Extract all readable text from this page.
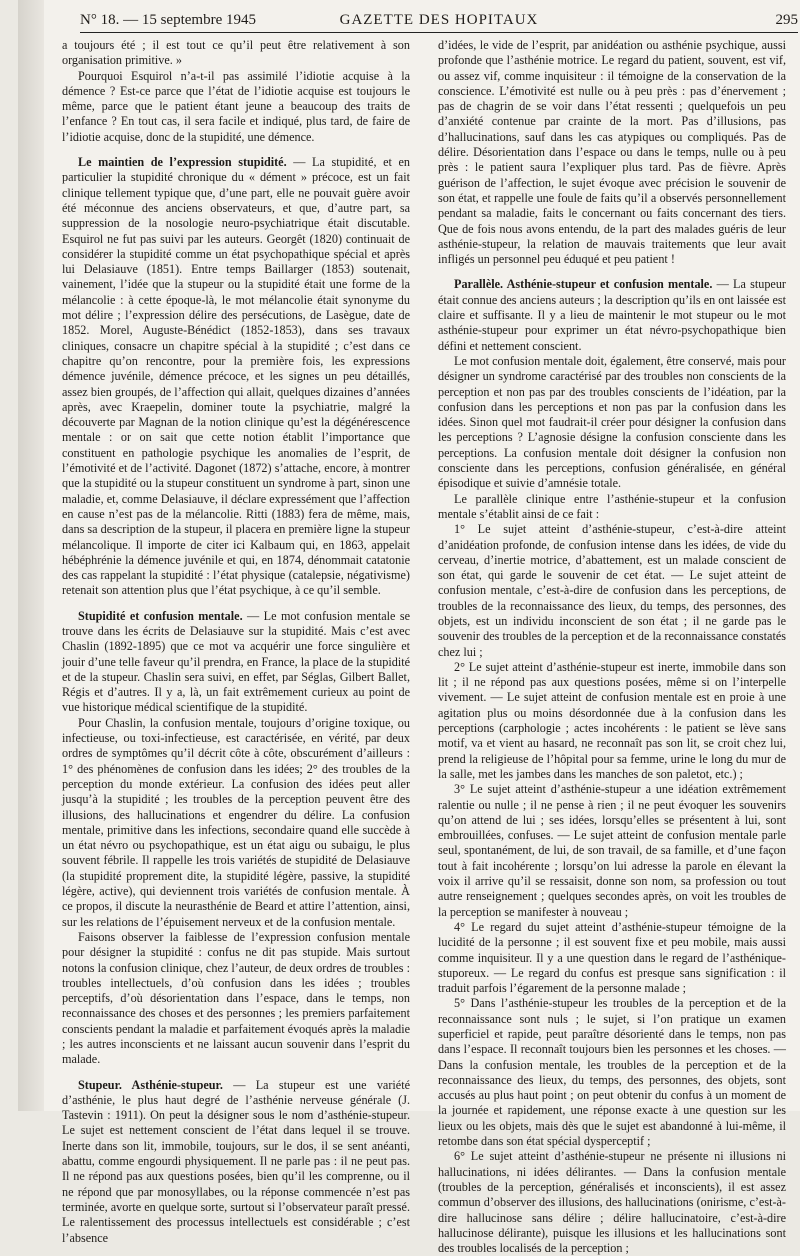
GAZETTE DES HOPITAUX
N° 18. — 15 septembre 1945	295

a toujours été ; il est tout ce qu’il peut être relativement à son organisation primitive. »

Pourquoi Esquirol n’a-t-il pas assimilé l’idiotie acquise à la démence ? Est-ce parce que l’état de l’idiotie acquise est toujours le même, parce que le patient étant jeune a beaucoup des traits de l’enfance ? En tout cas, il sera facile et indiqué, plus tard, de faire de l’idiotie acquise, donc de la stupidité, une démence.

Le maintien de l’expression stupidité. — La stupidité, et en particulier la stupidité chronique du « dément » précoce, est un fait clinique tellement typique que, d’une part, elle ne pouvait guère avoir été méconnue des anciens observateurs, et que, d’autre part, sa suppression de la nosologie neuro-psychiatrique était discutable. Esquirol ne fut pas suivi par les auteurs. Georgêt (1820) continuait de considérer la stupidité comme un état psychopathique spécial et après lui Delasiauve (1851). Entre temps Baillarger (1853) soutenait, vainement, l’idée que la stupeur ou la stupidité était une forme de la mélancolie : à cette époque-là, le mot mélancolie était synonyme du mot délire ; l’expression délire des persécutions, de Lasègue, date de 1852. Morel, Auguste-Bénédict (1852-1853), dans ses travaux cliniques, consacre un chapitre spécial à la stupidité ; c’est dans ce chapitre qu’on rencontre, pour la première fois, les expressions démence juvénile, démence précoce, et les signes un peu détaillés, assez bien groupés, de l’affection qui allait, quelques dizaines d’années après, avec Kraepelin, dominer toute la psychiatrie, malgré la découverte par Magnan de la notion clinique qu’est la dégénérescence mentale : or on sait que cette notion établit l’importance que constituent en pathologie psychique les anomalies de l’esprit, de l’émotivité et de l’activité. Dagonet (1872) s’attache, encore, à montrer que la stupidité ou la stupeur constituent un syndrome à part, sinon une maladie, et, comme Delasiauve, il déclare expressément que l’affection en cause n’est pas de la mélancolie. Ritti (1883) fera de même, mais, dans sa description de la stupeur, il placera en première ligne la stupeur mélancolique. Il importe de citer ici Kalbaum qui, en 1863, appelait hébéphrénie la démence juvénile et qui, en 1874, dénommait catatonie des cas rappelant la stupidité : l’état physique (catalepsie, négativisme) retenait son attention plus que l’état psychique, à ce qu’il semble.

Stupidité et confusion mentale. — Le mot confusion mentale se trouve dans les écrits de Delasiauve sur la stupidité. Mais c’est avec Chaslin (1892-1895) que ce mot va acquérir une force singulière et jouir d’une telle faveur qu’il prendra, en France, la place de la stupidité et de la stupeur. Chaslin sera suivi, en effet, par Séglas, Gilbert Ballet, Régis et d’autres. Il y a, là, un fait extrêmement curieux au point de vue historique médical scientifique de la stupidité.

Pour Chaslin, la confusion mentale, toujours d’origine toxique, ou infectieuse, ou toxi-infectieuse, est caractérisée, en vérité, par deux ordres de symptômes qu’il décrit côte à côte, obscurément d’ailleurs : 1° des phénomènes de confusion dans les idées; 2° des troubles de la perception du monde extérieur. La confusion des idées peut aller jusqu’à la stupidité ; les troubles de la perception peuvent être des illusions, des hallucinations et engendrer du délire. La confusion mentale, primitive dans les infections, secondaire quand elle succède à un état névro ou psychopathique, est un état aigu ou subaigu, le plus souvent fébrile. Il rappelle les trois variétés de stupidité de Delasiauve (la stupidité proprement dite, la stupidité légère, passive, la stupidité légère, active), qui deviennent trois variétés de confusion mentale. À ce propos, il discute la neurasthénie de Beard et attire l’attention, ainsi, sur les relations de l’épuisement nerveux et de la confusion mentale.

Faisons observer la faiblesse de l’expression confusion mentale pour désigner la stupidité : confus ne dit pas stupide. Mais surtout notons la confusion clinique, chez l’auteur, de deux ordres de troubles : troubles intellectuels, d’où confusion dans les idées ; troubles perceptifs, d’où désorientation dans l’espace, dans le temps, non reconnaissance des choses et des personnes ; les premiers parfaitement conscients pendant la maladie et parfaitement évoqués après la maladie ; les autres inconscients et ne laissant aucun souvenir dans l’esprit du malade.

Stupeur. Asthénie-stupeur. — La stupeur est une variété d’asthénie, le plus haut degré de l’asthénie nerveuse générale (J. Tastevin : 1911). On peut la désigner sous le nom d’asthénie-stupeur. Le sujet est nettement conscient de l’état dans lequel il se trouve. Inerte dans son lit, immobile, toujours, sur le dos, il se sent anéanti, abattu, comme engourdi physiquement. Il ne parle pas : il ne peut pas. Il ne répond pas aux questions posées, bien qu’il les comprenne, ou il ne répond que par monosyllabes, ou la réponse commencée n’est pas terminée, avorte en quelque sorte, surtout si l’observateur paraît pressé. Le ralentissement des processus intellectuels est considérable ; c’est l’absence

d’idées, le vide de l’esprit, par anidéation ou asthénie psychique, aussi profonde que l’asthénie motrice. Le regard du patient, souvent, est vif, ou assez vif, comme inquisiteur : il témoigne de la conservation de la conscience. L’émotivité est nulle ou à peu près : pas d’énervement ; pas de chagrin de se voir dans l’état ressenti ; quelquefois un peu d’anxiété contenue par crainte de la mort. Pas d’illusions, pas d’hallucinations, sauf dans les cas atypiques ou compliqués. Pas de délire. Désorientation dans l’espace ou dans le temps, nulle ou à peu près : le patient saura l’expliquer plus tard. Pas de fièvre. Après guérison de l’affection, le sujet évoque avec précision le souvenir de son état, et rappelle une foule de faits qu’il a observés personnellement pendant sa maladie, faits le concernant ou faits concernant des tiers. Que de fois nous avons entendu, de la part des malades guéris de leur asthénie-stupeur, la relation de mauvais traitements que leur avait infligés un personnel peu éduqué et peu patient !

Parallèle. Asthénie-stupeur et confusion mentale. — La stupeur était connue des anciens auteurs ; la description qu’ils en ont laissée est claire et suffisante. Il y a lieu de maintenir le mot stupeur ou le mot asthénie-stupeur pour exprimer un état névro-psychopathique bien défini et nettement conscient.

Le mot confusion mentale doit, également, être conservé, mais pour désigner un syndrome caractérisé par des troubles non conscients de la perception et non pas par des troubles conscients de l’idéation, par la confusion dans les perceptions et non pas par la confusion dans les idées. Sinon quel mot faudrait-il créer pour désigner la confusion dans les perceptions ? L’agnosie désigne la confusion consciente dans les perceptions. La confusion mentale doit désigner la confusion non consciente dans les perceptions, confusion généralisée, en général épisodique et suivie d’amnésie totale.

Le parallèle clinique entre l’asthénie-stupeur et la confusion mentale s’établit ainsi de ce fait :

1° Le sujet atteint d’asthénie-stupeur, c’est-à-dire atteint d’anidéation profonde, de confusion intense dans les idées, de vide du cerveau, d’inertie motrice, d’abattement, est un malade conscient de son état, qui garde le souvenir de cet état. — Le sujet atteint de confusion mentale, c’est-à-dire de confusion dans les perceptions, de troubles de la reconnaissance des lieux, du temps, des personnes, des objets, est un individu inconscient de son état ; il ne garde pas le souvenir des troubles de la perception et de la reconnaissance constatés chez lui ;

2° Le sujet atteint d’asthénie-stupeur est inerte, immobile dans son lit ; il ne répond pas aux questions posées, même si on l’interpelle vivement. — Le sujet atteint de confusion mentale est en proie à une agitation plus ou moins désordonnée due à la confusion dans les perceptions (carphologie ; actes incohérents : le patient se lève sans motif, va et vient au hasard, ne reconnaît pas son lit, se croit chez lui, prend la religieuse de l’hôpital pour sa femme, urine le long du mur de la salle, met les jambes dans les manches de son paletot, etc.) ;

3° Le sujet atteint d’asthénie-stupeur a une idéation extrêmement ralentie ou nulle ; il ne pense à rien ; il ne peut évoquer les souvenirs qu’on attend de lui ; ses idées, lorsqu’elles se présentent à lui, sont embrouillées, confuses. — Le sujet atteint de confusion mentale parle seul, spontanément, de lui, de son travail, de sa famille, et d’une façon tout à fait incohérente ; lorsqu’on lui adresse la parole en élevant la voix il arrive qu’il se ressaisit, donne son nom, sa profession ou tout autre renseignement ; quelques secondes après, on voit les troubles de la perception se manifester à nouveau ;

4° Le regard du sujet atteint d’asthénie-stupeur témoigne de la lucidité de la personne ; il est souvent fixe et peu mobile, mais aussi comme inquisiteur. Il y a une question dans le regard de l’asthénique-stuporeux. — Le regard du confus est presque sans signification : il traduit parfois l’égarement de la personne malade ;

5° Dans l’asthénie-stupeur les troubles de la perception et de la reconnaissance sont nuls ; le sujet, si l’on pratique un examen superficiel et rapide, peut paraître désorienté dans le temps, non pas dans l’espace. Il reconnaît toujours bien les personnes et les choses. — Dans la confusion mentale, les troubles de la perception et de la reconnaissance des lieux, du temps, des personnes, des objets, sont accusés au plus haut point ; on peut obtenir du confus à un moment de la journée et rapidement, une réponse exacte à une question sur les lieux ou les objets, mais dès que le sujet est abandonné à lui-même, il retombe dans son état spécial dysperceptif ;

6° Le sujet atteint d’asthénie-stupeur ne présente ni illusions ni hallucinations, ni idées délirantes. — Dans la confusion mentale (troubles de la perception, généralisés et inconscients), il est assez commun d’observer des illusions, des hallucinations (onirisme, c’est-à-dire hallucinose sans délire ; délire hallucinatoire, c’est-à-dire hallucinose délirante), puisque les illusions et les hallucinations sont des troubles localisés de la perception ;
